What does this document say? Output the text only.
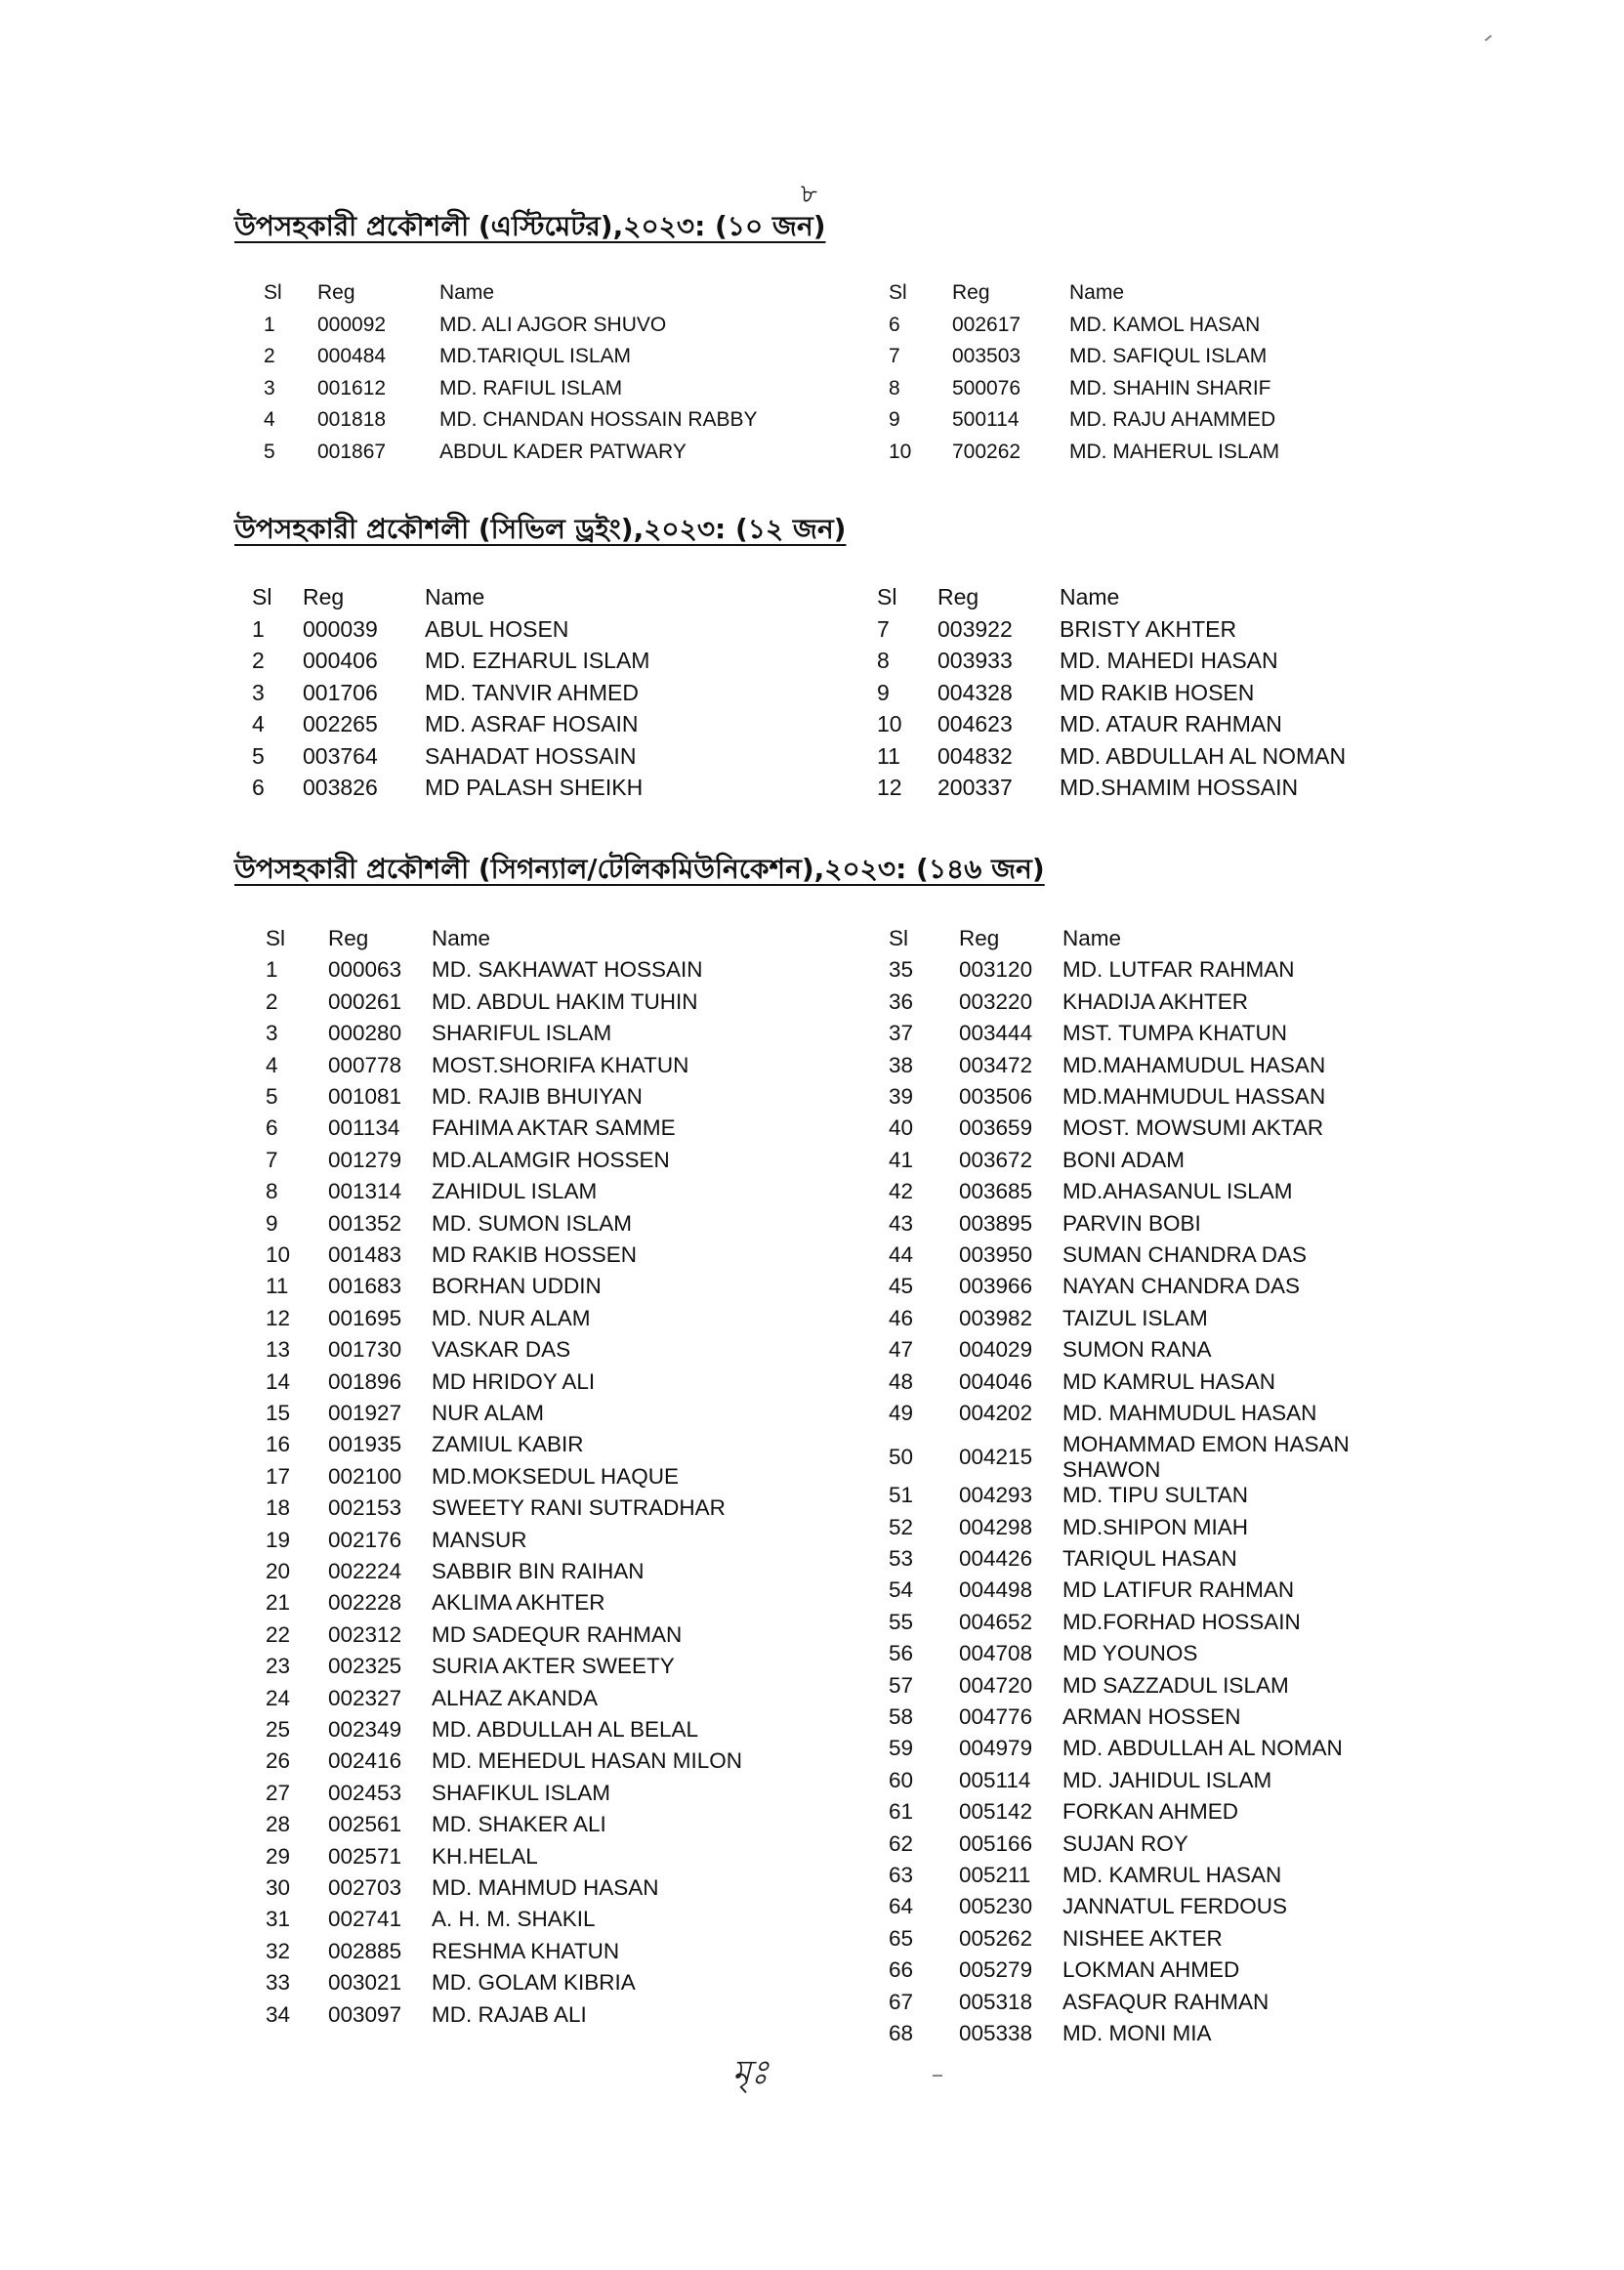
৮
উপসহকারী প্রকৌশলী (এস্টিমেটর),২০২৩: (১০ জন)
Sl Reg	Name
1 000092	MD. ALI AJGOR SHUVO
2 000484	MD.TARIQUL ISLAM
3 001612	MD. RAFIUL ISLAM
4 001818	MD. CHANDAN HOSSAIN RABBY
5 001867	ABDUL KADER PATWARY
Sl Reg	Name
6	002617 MD. KAMOL HASAN
7	003503 MD. SAFIQUL ISLAM
8	500076 MD. SHAHIN SHARIF
9	500114 MD. RAJU AHAMMED
10 700262 MD. MAHERUL ISLAM
উপসহকারী প্রকৌশলী (সিভিল ড্রইং),২০২৩: (১২ জন)
Sl Reg	Name
1 000039 ABUL HOSEN
2 000406 MD. EZHARUL ISLAM
3 001706 MD. TANVIR AHMED
4 002265 MD. ASRAF HOSAIN
5 003764 SAHADAT HOSSAIN
6 003826 MD PALASH SHEIKH
Sl Reg	Name
7 003922 BRISTY AKHTER
8 003933 MD. MAHEDI HASAN
9 004328 MD RAKIB HOSEN
10 004623 MD. ATAUR RAHMAN
11 004832 MD. ABDULLAH AL NOMAN
12 200337 MD.SHAMIM HOSSAIN
উপসহকারী প্রকৌশলী (সিগন্যাল/টেলিকমিউনিকেশন),২০২৩: (১৪৬ জন)
Sl Reg	Name
1 000063 MD. SAKHAWAT HOSSAIN
2 000261 MD. ABDUL HAKIM TUHIN
3 000280 SHARIFUL ISLAM
4 000778 MOST.SHORIFA KHATUN
5 001081 MD. RAJIB BHUIYAN
6 001134 FAHIMA AKTAR SAMME
7 001279 MD.ALAMGIR HOSSEN
8 001314 ZAHIDUL ISLAM
9 001352 MD. SUMON ISLAM
10 001483 MD RAKIB HOSSEN
11 001683 BORHAN UDDIN
12 001695 MD. NUR ALAM
13 001730 VASKAR DAS
14 001896 MD HRIDOY ALI
15 001927 NUR ALAM
16 001935 ZAMIUL KABIR
17 002100 MD.MOKSEDUL HAQUE
18 002153 SWEETY RANI SUTRADHAR
19 002176 MANSUR
20 002224 SABBIR BIN RAIHAN
21 002228 AKLIMA AKHTER
22 002312 MD SADEQUR RAHMAN
23 002325 SURIA AKTER SWEETY
24 002327 ALHAZ AKANDA
25 002349 MD. ABDULLAH AL BELAL
26 002416 MD. MEHEDUL HASAN MILON
27 002453 SHAFIKUL ISLAM
28 002561 MD. SHAKER ALI
29 002571 KH.HELAL
30 002703 MD. MAHMUD HASAN
31 002741 A. H. M. SHAKIL
32 002885 RESHMA KHATUN
33 003021 MD. GOLAM KIBRIA
34 003097 MD. RAJAB ALI
Sl Reg	Name
35 003120 MD. LUTFAR RAHMAN
36 003220 KHADIJA AKHTER
37 003444 MST. TUMPA KHATUN
38 003472 MD.MAHAMUDUL HASAN
39 003506 MD.MAHMUDUL HASSAN
40 003659 MOST. MOWSUMI AKTAR
41 003672 BONI ADAM
42 003685 MD.AHASANUL ISLAM
43 003895 PARVIN BOBI
44 003950 SUMAN CHANDRA DAS
45 003966 NAYAN CHANDRA DAS
46 003982 TAIZUL ISLAM
47 004029 SUMON RANA
48 004046 MD KAMRUL HASAN
49 004202 MD. MAHMUDUL HASAN
50 004215
MOHAMMAD EMON HASAN
SHAWON
51 004293 MD. TIPU SULTAN
52 004298 MD.SHIPON MIAH
53 004426 TARIQUL HASAN
54 004498 MD LATIFUR RAHMAN
55 004652 MD.FORHAD HOSSAIN
56 004708 MD YOUNOS
57 004720 MD SAZZADUL ISLAM
58 004776 ARMAN HOSSEN
59 004979 MD. ABDULLAH AL NOMAN
60 005114 MD. JAHIDUL ISLAM
61 005142 FORKAN AHMED
62 005166 SUJAN ROY
63 005211 MD. KAMRUL HASAN
64 005230 JANNATUL FERDOUS
65 005262 NISHEE AKTER
66 005279 LOKMAN AHMED
67 005318 ASFAQUR RAHMAN
68 005338 MD. MONI MIA
মৃঃ
